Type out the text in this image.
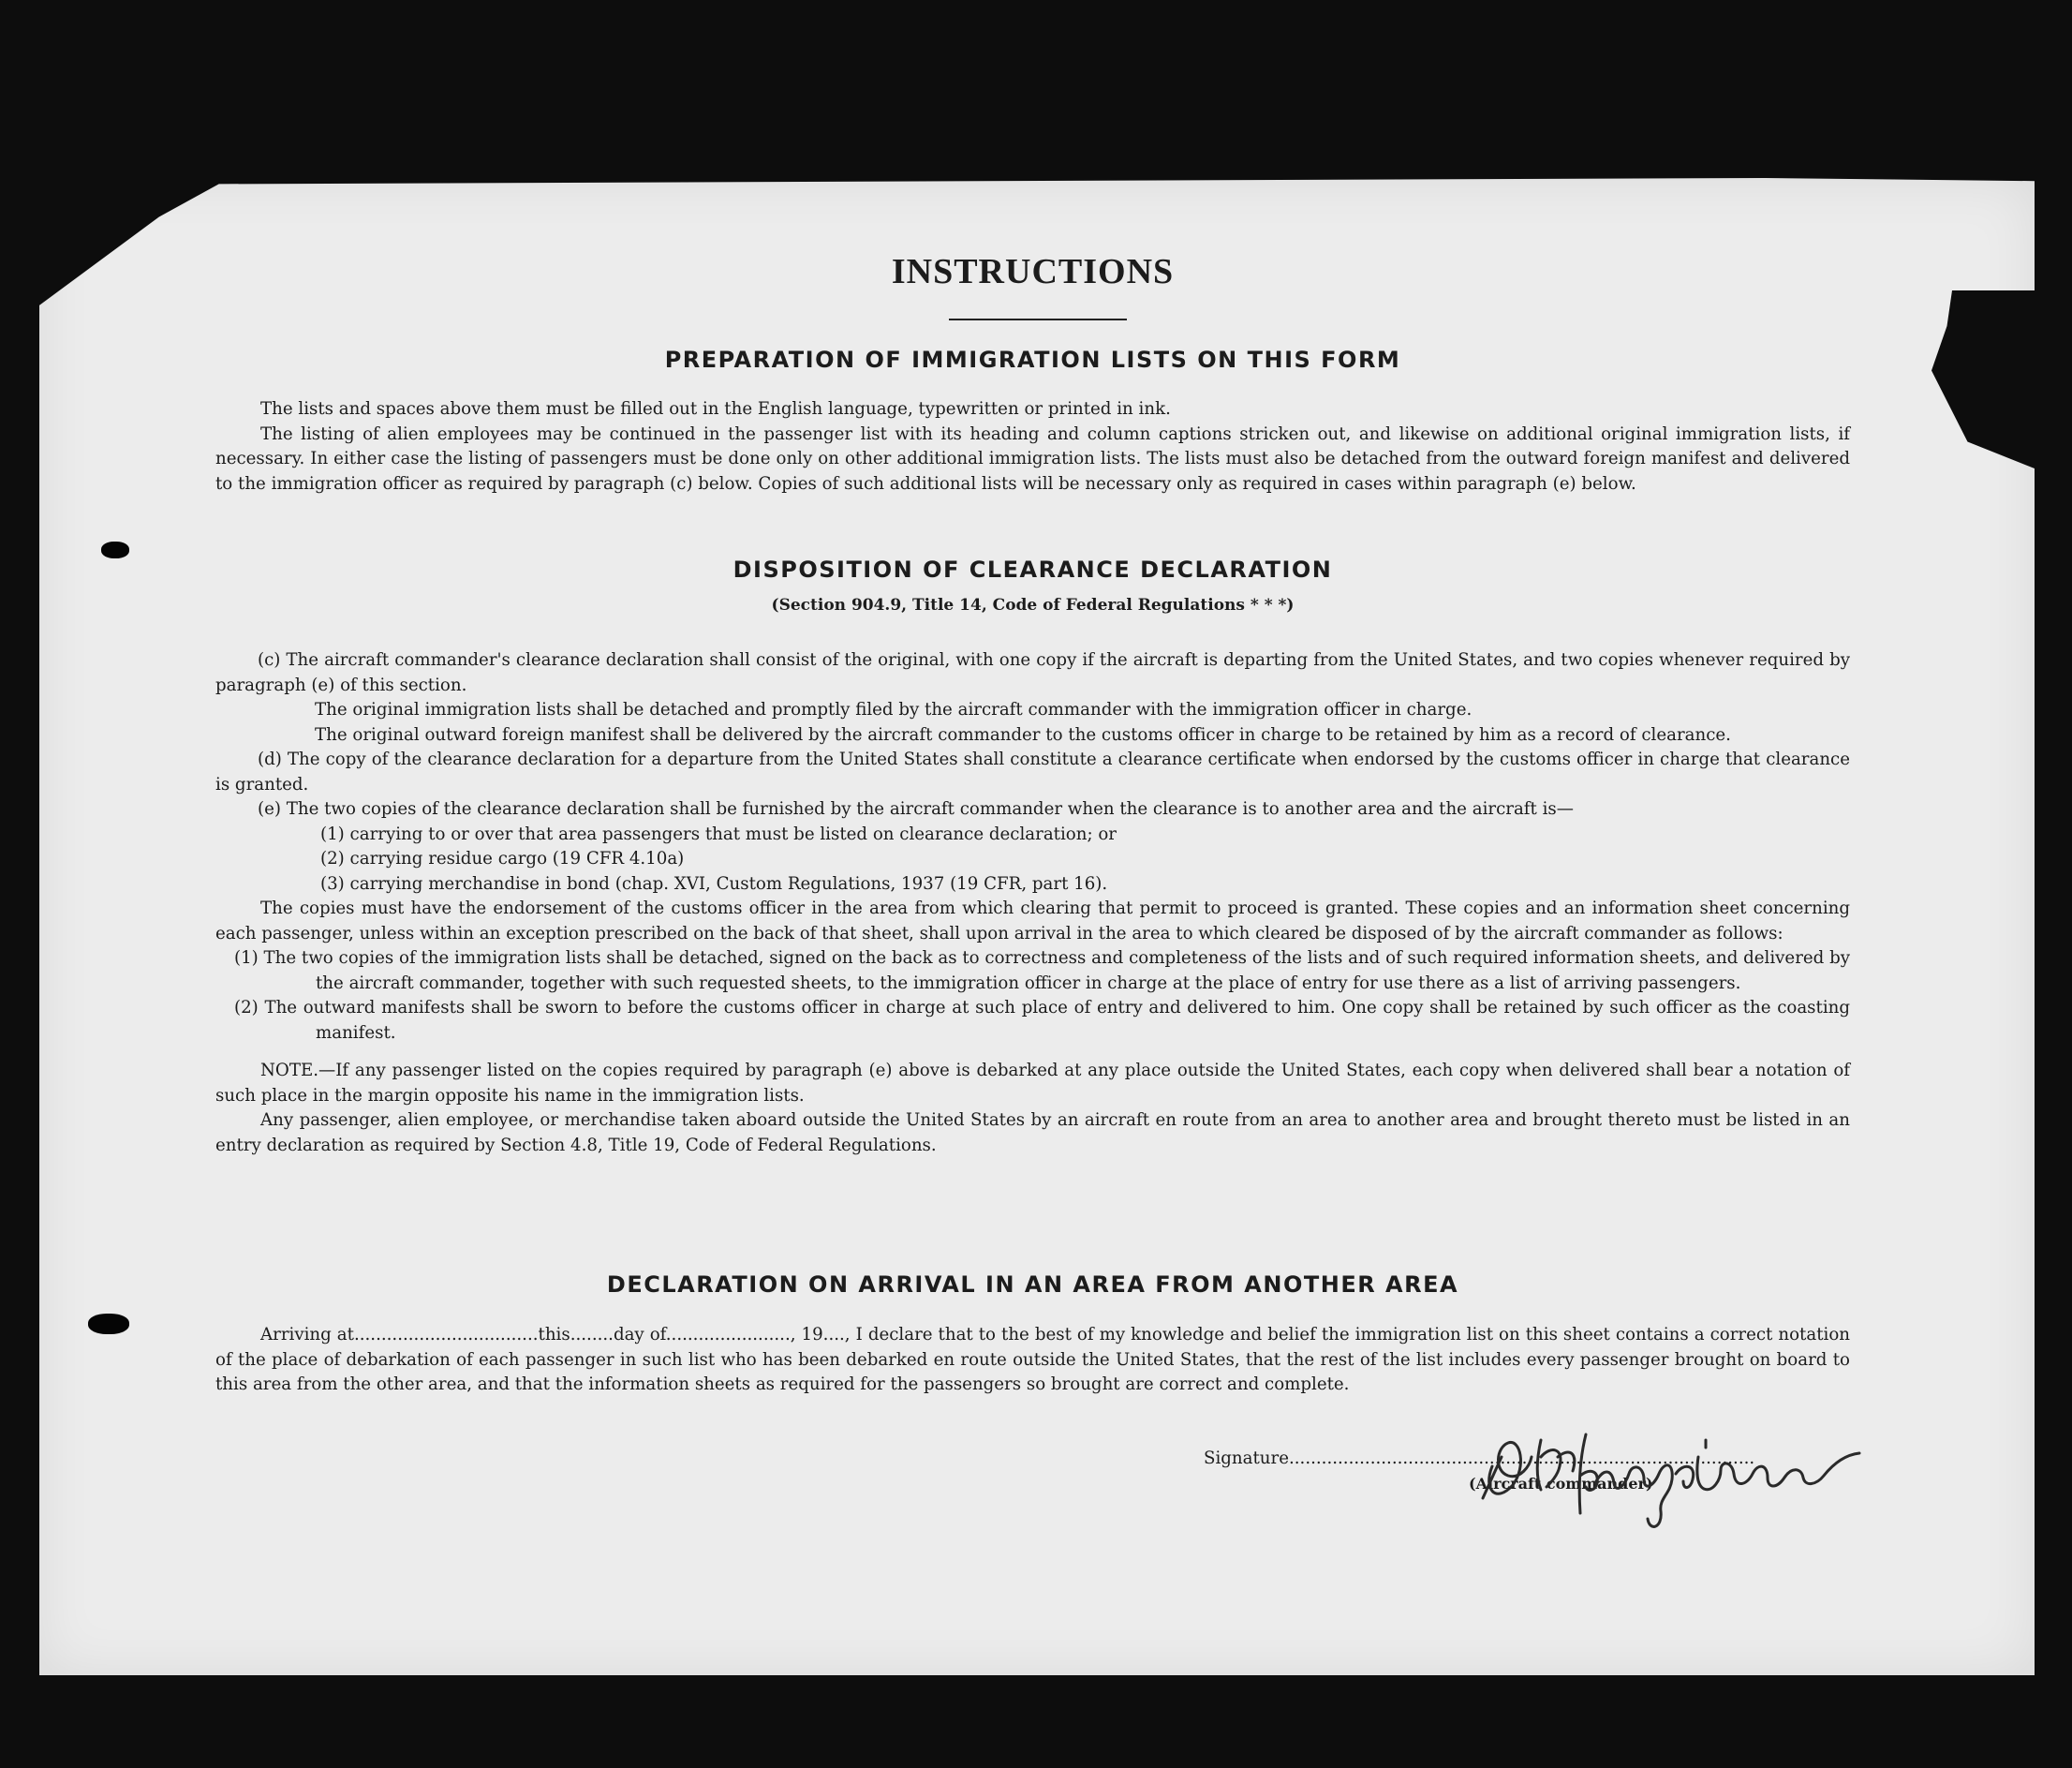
INSTRUCTIONS
PREPARATION OF IMMIGRATION LISTS ON THIS FORM

The lists and spaces above them must be filled out in the English language, typewritten or printed in ink.

The listing of alien employees may be continued in the passenger list with its heading and column captions stricken out, and likewise on additional original immigration lists, if necessary. In either case the listing of passengers must be done only on other additional immigration lists. The lists must also be detached from the outward foreign manifest and delivered to the immigration officer as required by paragraph (c) below. Copies of such additional lists will be necessary only as required in cases within paragraph (e) below.

DISPOSITION OF CLEARANCE DECLARATION

(Section 904.9, Title 14, Code of Federal Regulations * * *)

(c) The aircraft commander's clearance declaration shall consist of the original, with one copy if the aircraft is departing from the United States, and two copies whenever required by paragraph (e) of this section.

The original immigration lists shall be detached and promptly filed by the aircraft commander with the immigration officer in charge.

The original outward foreign manifest shall be delivered by the aircraft commander to the customs officer in charge to be retained by him as a record of clearance.

(d) The copy of the clearance declaration for a departure from the United States shall constitute a clearance certificate when endorsed by the customs officer in charge that clearance is granted.

(e) The two copies of the clearance declaration shall be furnished by the aircraft commander when the clearance is to another area and the aircraft is—

(1) carrying to or over that area passengers that must be listed on clearance declaration; or

(2) carrying residue cargo (19 CFR 4.10a)

(3) carrying merchandise in bond (chap. XVI, Custom Regulations, 1937 (19 CFR, part 16).

The copies must have the endorsement of the customs officer in the area from which clearing that permit to proceed is granted. These copies and an information sheet concerning each passenger, unless within an exception prescribed on the back of that sheet, shall upon arrival in the area to which cleared be disposed of by the aircraft commander as follows:

(1) The two copies of the immigration lists shall be detached, signed on the back as to correctness and completeness of the lists and of such required information sheets, and delivered by the aircraft commander, together with such requested sheets, to the immigration officer in charge at the place of entry for use there as a list of arriving passengers.

(2) The outward manifests shall be sworn to before the customs officer in charge at such place of entry and delivered to him. One copy shall be retained by such officer as the coasting manifest.

NOTE.—If any passenger listed on the copies required by paragraph (e) above is debarked at any place outside the United States, each copy when delivered shall bear a notation of such place in the margin opposite his name in the immigration lists.

Any passenger, alien employee, or merchandise taken aboard outside the United States by an aircraft en route from an area to another area and brought thereto must be listed in an entry declaration as required by Section 4.8, Title 19, Code of Federal Regulations.

DECLARATION ON ARRIVAL IN AN AREA FROM ANOTHER AREA

Arriving at..................................this........day of......................., 19...., I declare that to the best of my knowledge and belief the immigration list on this sheet contains a correct notation of the place of debarkation of each passenger in such list who has been debarked en route outside the United States, that the rest of the list includes every passenger brought on board to this area from the other area, and that the information sheets as required for the passengers so brought are correct and complete.

Signature......................................................................................
(Aircraft commander)
